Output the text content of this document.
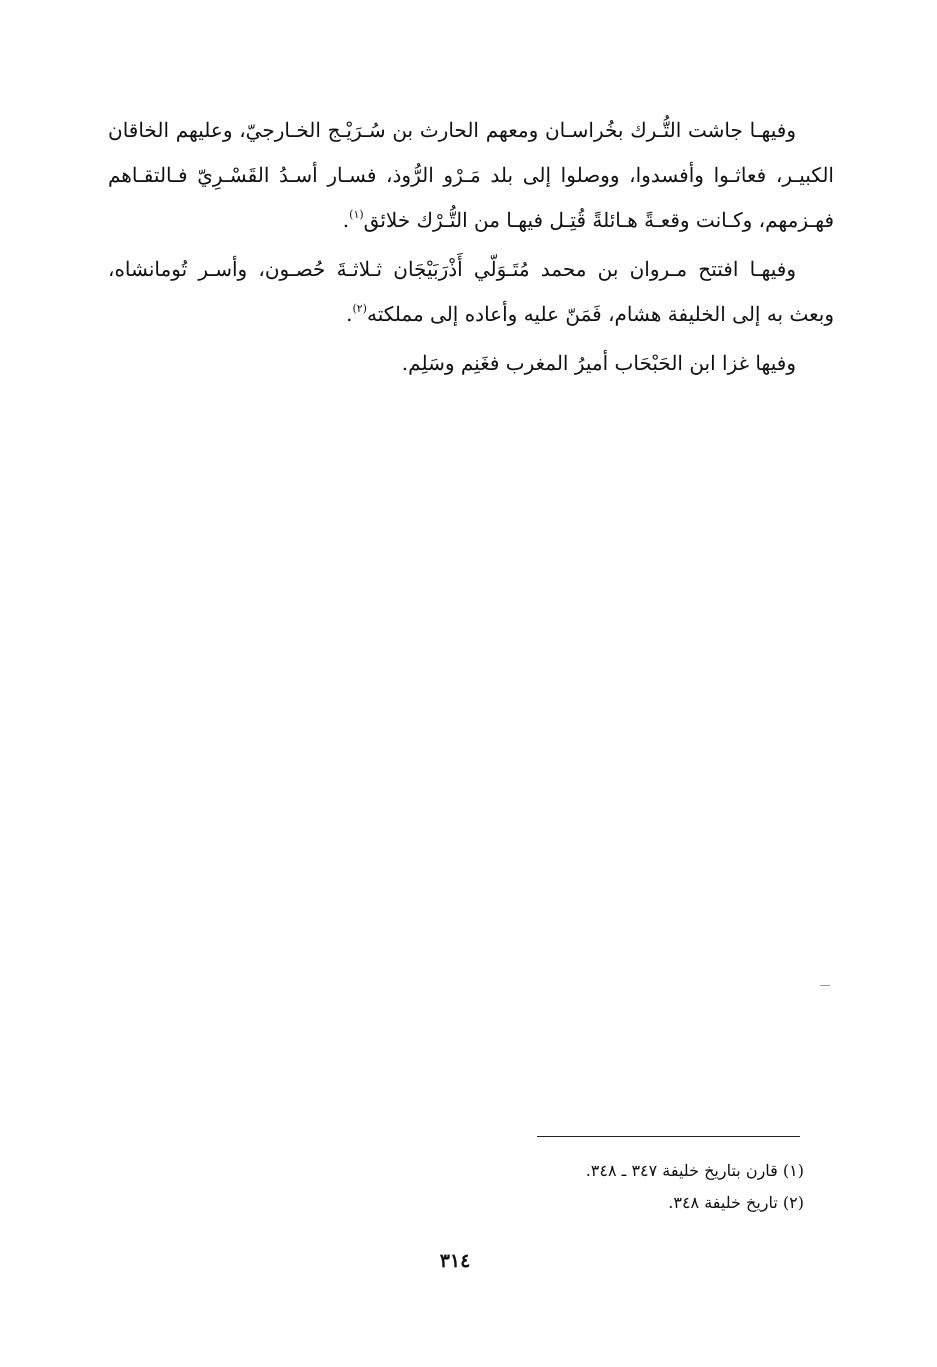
وفيهـا جاشت التُّـرك بخُراسـان ومعهم الحارث بن سُـرَيْـج الخـارجيّ، وعليهم الخاقان الكبيـر، فعاثـوا وأفسدوا، ووصلوا إلى بلد مَـرْو الرُّوذ، فسـار أسـدُ القَسْـرِيّ فـالتقـاهم فهـزمهم، وكـانت وقعـةً هـائلةً قُتِـل فيهـا من التُّـرْك خلائق$^{(١)}$.

وفيهـا افتتح مـروان بن محمد مُتَـوَلّي أَذْرَبَيْجَان ثـلاثـةَ حُصـون، وأسـر تُومانشاه، وبعث به إلى الخليفة هشام، فَمَنّ عليه وأعاده إلى مملكته$^{(٢)}$.

وفيها غزا ابن الحَبْحَاب أميرُ المغرب فغَنِم وسَلِم.

(١) قارن بتاريخ خليفة ٣٤٧ ـ ٣٤٨.

(٢) تاريخ خليفة ٣٤٨.

٣١٤
